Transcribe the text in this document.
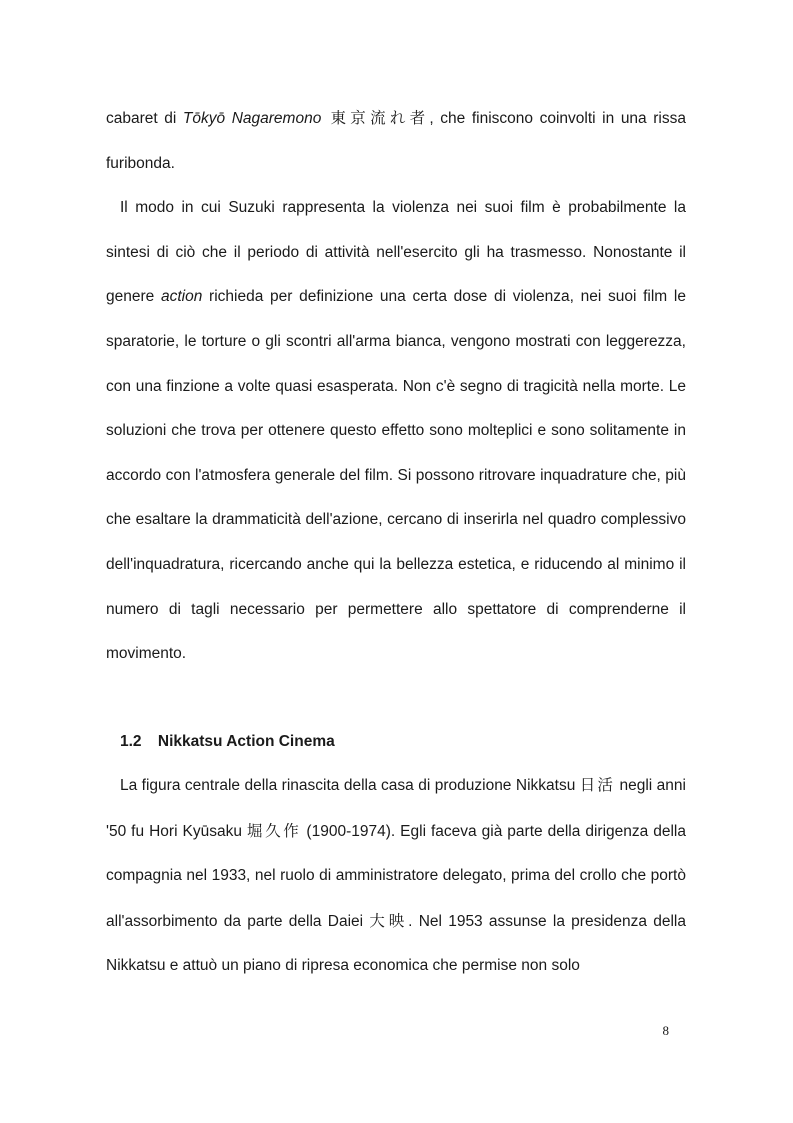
cabaret di Tōkyō Nagaremono 東京流れ者, che finiscono coinvolti in una rissa furibonda.

Il modo in cui Suzuki rappresenta la violenza nei suoi film è probabilmente la sintesi di ciò che il periodo di attività nell'esercito gli ha trasmesso. Nonostante il genere action richieda per definizione una certa dose di violenza, nei suoi film le sparatorie, le torture o gli scontri all'arma bianca, vengono mostrati con leggerezza, con una finzione a volte quasi esasperata. Non c'è segno di tragicità nella morte. Le soluzioni che trova per ottenere questo effetto sono molteplici e sono solitamente in accordo con l'atmosfera generale del film. Si possono ritrovare inquadrature che, più che esaltare la drammaticità dell'azione, cercano di inserirla nel quadro complessivo dell'inquadratura, ricercando anche qui la bellezza estetica, e riducendo al minimo il numero di tagli necessario per permettere allo spettatore di comprenderne il movimento.

1.2 Nikkatsu Action Cinema

La figura centrale della rinascita della casa di produzione Nikkatsu 日活 negli anni '50 fu Hori Kyūsaku 堀久作 (1900-1974). Egli faceva già parte della dirigenza della compagnia nel 1933, nel ruolo di amministratore delegato, prima del crollo che portò all'assorbimento da parte della Daiei 大映. Nel 1953 assunse la presidenza della Nikkatsu e attuò un piano di ripresa economica che permise non solo

8
